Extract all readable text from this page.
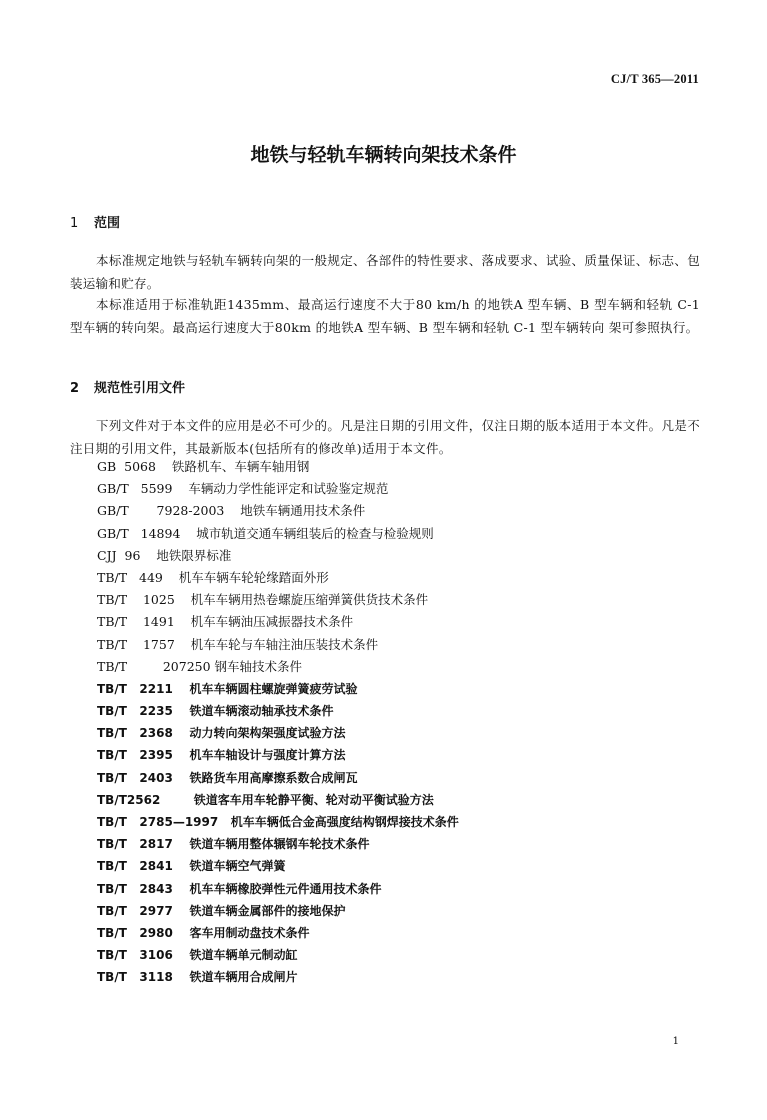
CJ/T 365—2011
地铁与轻轨车辆转向架技术条件
1 范围
本标准规定地铁与轻轨车辆转向架的一般规定、各部件的特性要求、落成要求、试验、质量保证、标志、包装运输和贮存。
本标准适用于标准轨距1435mm、最高运行速度不大于80 km/h 的地铁A 型车辆、B 型车辆和轻轨 C-1 型车辆的转向架。最高运行速度大于80km 的地铁A 型车辆、B 型车辆和轻轨 C-1 型车辆转向 架可参照执行。
2 规范性引用文件
下列文件对于本文件的应用是必不可少的。凡是注日期的引用文件，仅注日期的版本适用于本文件。凡是不注日期的引用文件，其最新版本(包括所有的修改单)适用于本文件。
GB  5068    铁路机车、车辆车轴用钢
GB/T   5599    车辆动力学性能评定和试验鉴定规范
GB/T       7928-2003    地铁车辆通用技术条件
GB/T   14894    城市轨道交通车辆组装后的检查与检验规则
CJJ  96    地铁限界标准
TB/T   449    机车车辆车轮轮缘踏面外形
TB/T    1025    机车车辆用热卷螺旋压缩弹簧供货技术条件
TB/T    1491    机车车辆油压减振器技术条件
TB/T    1757    机车车轮与车轴注油压装技术条件
TB/T         207250 钢车轴技术条件
TB/T   2211    机车车辆圆柱螺旋弹簧疲劳试验
TB/T   2235    铁道车辆滚动轴承技术条件
TB/T   2368    动力转向架构架强度试验方法
TB/T   2395    机车车轴设计与强度计算方法
TB/T   2403    铁路货车用高摩擦系数合成闸瓦
TB/T2562        铁道客车用车轮静平衡、轮对动平衡试验方法
TB/T   2785—1997   机车车辆低合金高强度结构钢焊接技术条件
TB/T   2817    铁道车辆用整体辗钢车轮技术条件
TB/T   2841    铁道车辆空气弹簧
TB/T   2843    机车车辆橡胶弹性元件通用技术条件
TB/T   2977    铁道车辆金属部件的接地保护
TB/T   2980    客车用制动盘技术条件
TB/T   3106    铁道车辆单元制动缸
TB/T   3118    铁道车辆用合成闸片
1
